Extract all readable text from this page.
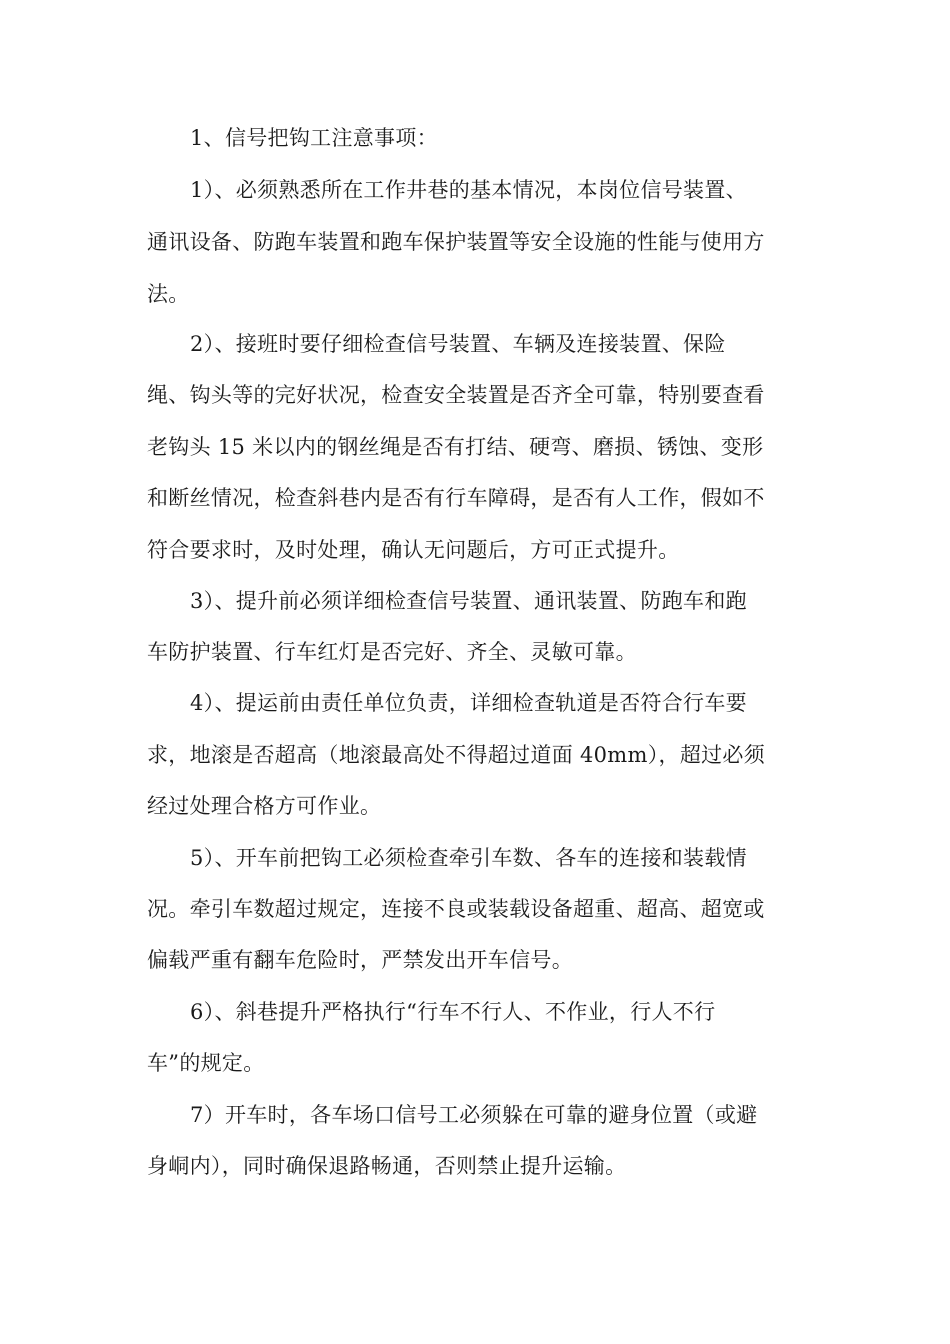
1、信号把钩工注意事项：
1）、必须熟悉所在工作井巷的基本情况，本岗位信号装置、
通讯设备、防跑车装置和跑车保护装置等安全设施的性能与使用方
法。
2）、接班时要仔细检查信号装置、车辆及连接装置、保险
绳、钩头等的完好状况，检查安全装置是否齐全可靠，特别要查看
老钩头 15 米以内的钢丝绳是否有打结、硬弯、磨损、锈蚀、变形
和断丝情况，检查斜巷内是否有行车障碍，是否有人工作，假如不
符合要求时，及时处理，确认无问题后，方可正式提升。
3）、提升前必须详细检查信号装置、通讯装置、防跑车和跑
车防护装置、行车红灯是否完好、齐全、灵敏可靠。
4）、提运前由责任单位负责，详细检查轨道是否符合行车要
求，地滚是否超高（地滚最高处不得超过道面 40mm），超过必须
经过处理合格方可作业。
5）、开车前把钩工必须检查牵引车数、各车的连接和装载情
况。牵引车数超过规定，连接不良或装载设备超重、超高、超宽或
偏载严重有翻车危险时，严禁发出开车信号。
6）、斜巷提升严格执行“行车不行人、不作业，行人不行
车”的规定。
7）开车时，各车场口信号工必须躲在可靠的避身位置（或避
身峒内），同时确保退路畅通，否则禁止提升运输。
